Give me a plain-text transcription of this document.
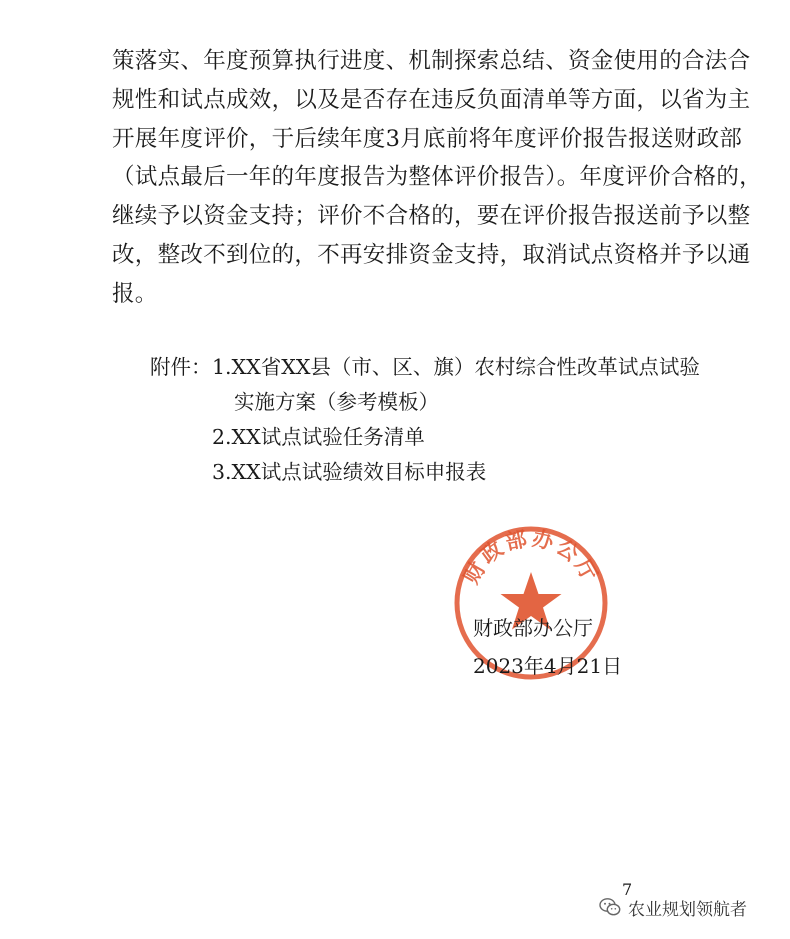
策落实、年度预算执行进度、机制探索总结、资金使用的合法合
规性和试点成效，以及是否存在违反负面清单等方面，以省为主
开展年度评价，于后续年度3月底前将年度评价报告报送财政部
（试点最后一年的年度报告为整体评价报告）。年度评价合格的，
继续予以资金支持；评价不合格的，要在评价报告报送前予以整
改，整改不到位的，不再安排资金支持，取消试点资格并予以通
报。
附件： 1.XX省XX县（市、区、旗）农村综合性改革试点试验
实施方案（参考模板）
2.XX试点试验任务清单
3.XX试点试验绩效目标申报表
财政部办公厅
财政部办公厅
2023年4月21日
7
农业规划领航者
